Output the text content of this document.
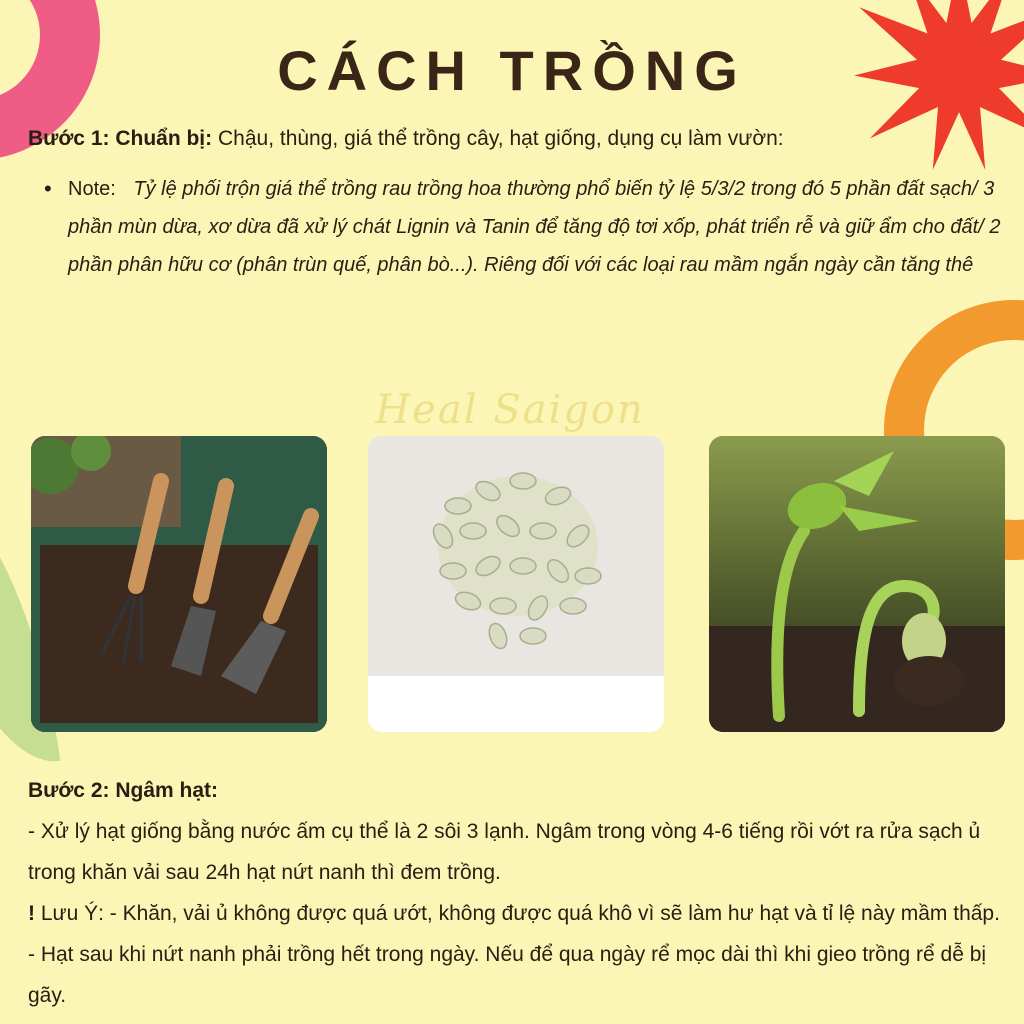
Heal Saigon
CÁCH TRỒNG
Bước 1: Chuẩn bị: Chậu, thùng, giá thể trồng cây, hạt giống, dụng cụ làm vườn:
• Note: Tỷ lệ phối trộn giá thể trồng rau trồng hoa thường phổ biến tỷ lệ 5/3/2 trong đó 5 phần đất sạch/ 3 phần mùn dừa, xơ dừa đã xử lý chát Lignin và Tanin để tăng độ tơi xốp, phát triển rễ và giữ ẩm cho đất/ 2 phần phân hữu cơ (phân trùn quế, phân bò...). Riêng đối với các loại rau mầm ngắn ngày cần tăng thê

Bước 2: Ngâm hạt:

- Xử lý hạt giống bằng nước ấm cụ thể là 2 sôi 3 lạnh. Ngâm trong vòng 4-6 tiếng rồi vớt ra rửa sạch ủ trong khăn vải sau 24h hạt nứt nanh thì đem trồng.

! Lưu Ý: - Khăn, vải ủ không được quá ướt, không được quá khô vì sẽ làm hư hạt và tỉ lệ này mầm thấp. - Hạt sau khi nứt nanh phải trồng hết trong ngày. Nếu để qua ngày rể mọc dài thì khi gieo trồng rể dễ bị gãy.
